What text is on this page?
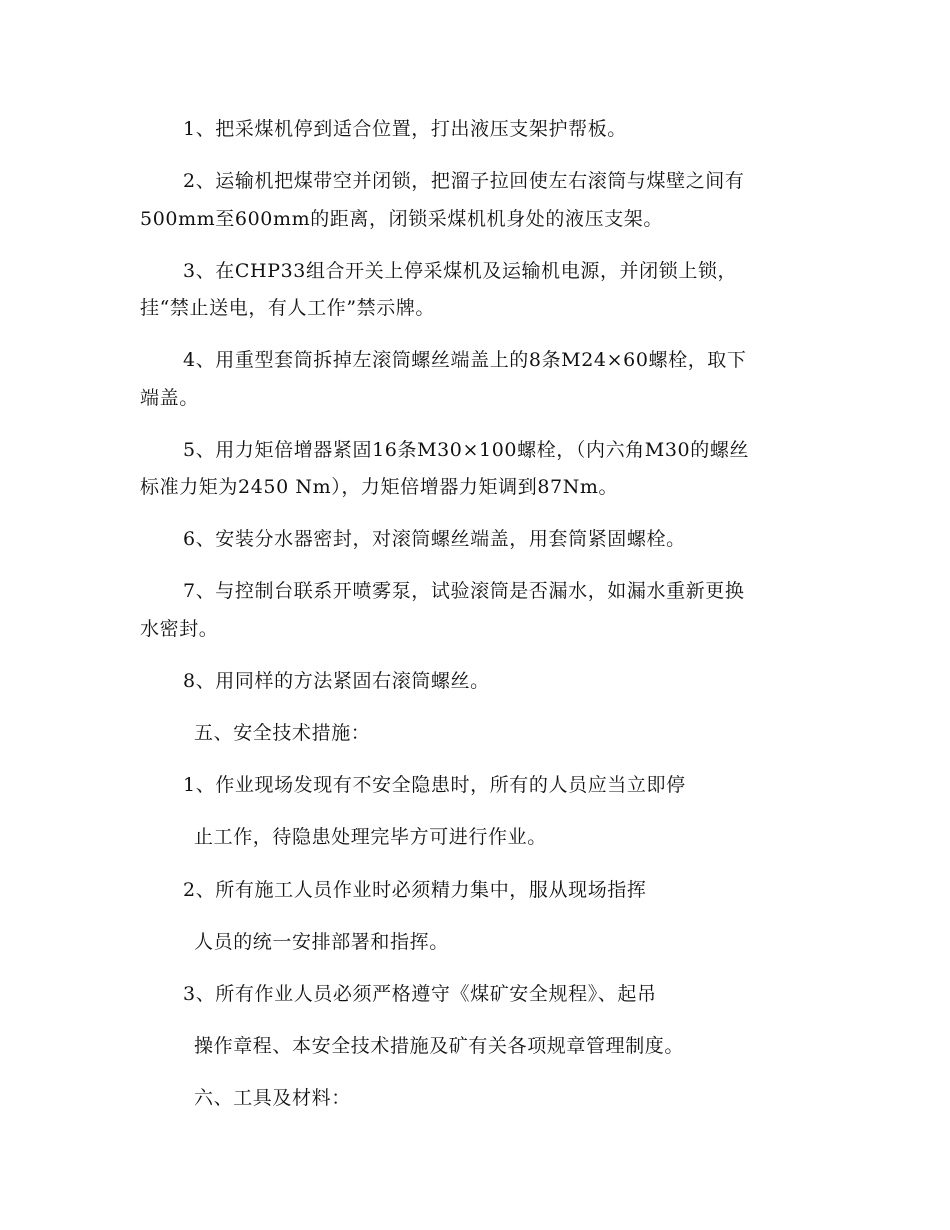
1、把采煤机停到适合位置，打出液压支架护帮板。
2、运输机把煤带空并闭锁，把溜子拉回使左右滚筒与煤壁之间有
500mm至600mm的距离，闭锁采煤机机身处的液压支架。
3、在CHP33组合开关上停采煤机及运输机电源，并闭锁上锁，
挂“禁止送电，有人工作”禁示牌。
4、用重型套筒拆掉左滚筒螺丝端盖上的8条M24×60螺栓，取下
端盖。
5、用力矩倍增器紧固16条M30×100螺栓，（内六角M30的螺丝
标准力矩为2450 Nm），力矩倍增器力矩调到87Nm。
6、安装分水器密封，对滚筒螺丝端盖，用套筒紧固螺栓。
7、与控制台联系开喷雾泵，试验滚筒是否漏水，如漏水重新更换
水密封。
8、用同样的方法紧固右滚筒螺丝。
五、安全技术措施：
1、作业现场发现有不安全隐患时，所有的人员应当立即停
止工作，待隐患处理完毕方可进行作业。
2、所有施工人员作业时必须精力集中，服从现场指挥
人员的统一安排部署和指挥。
3、所有作业人员必须严格遵守《煤矿安全规程》、起吊
操作章程、本安全技术措施及矿有关各项规章管理制度。
六、工具及材料：
